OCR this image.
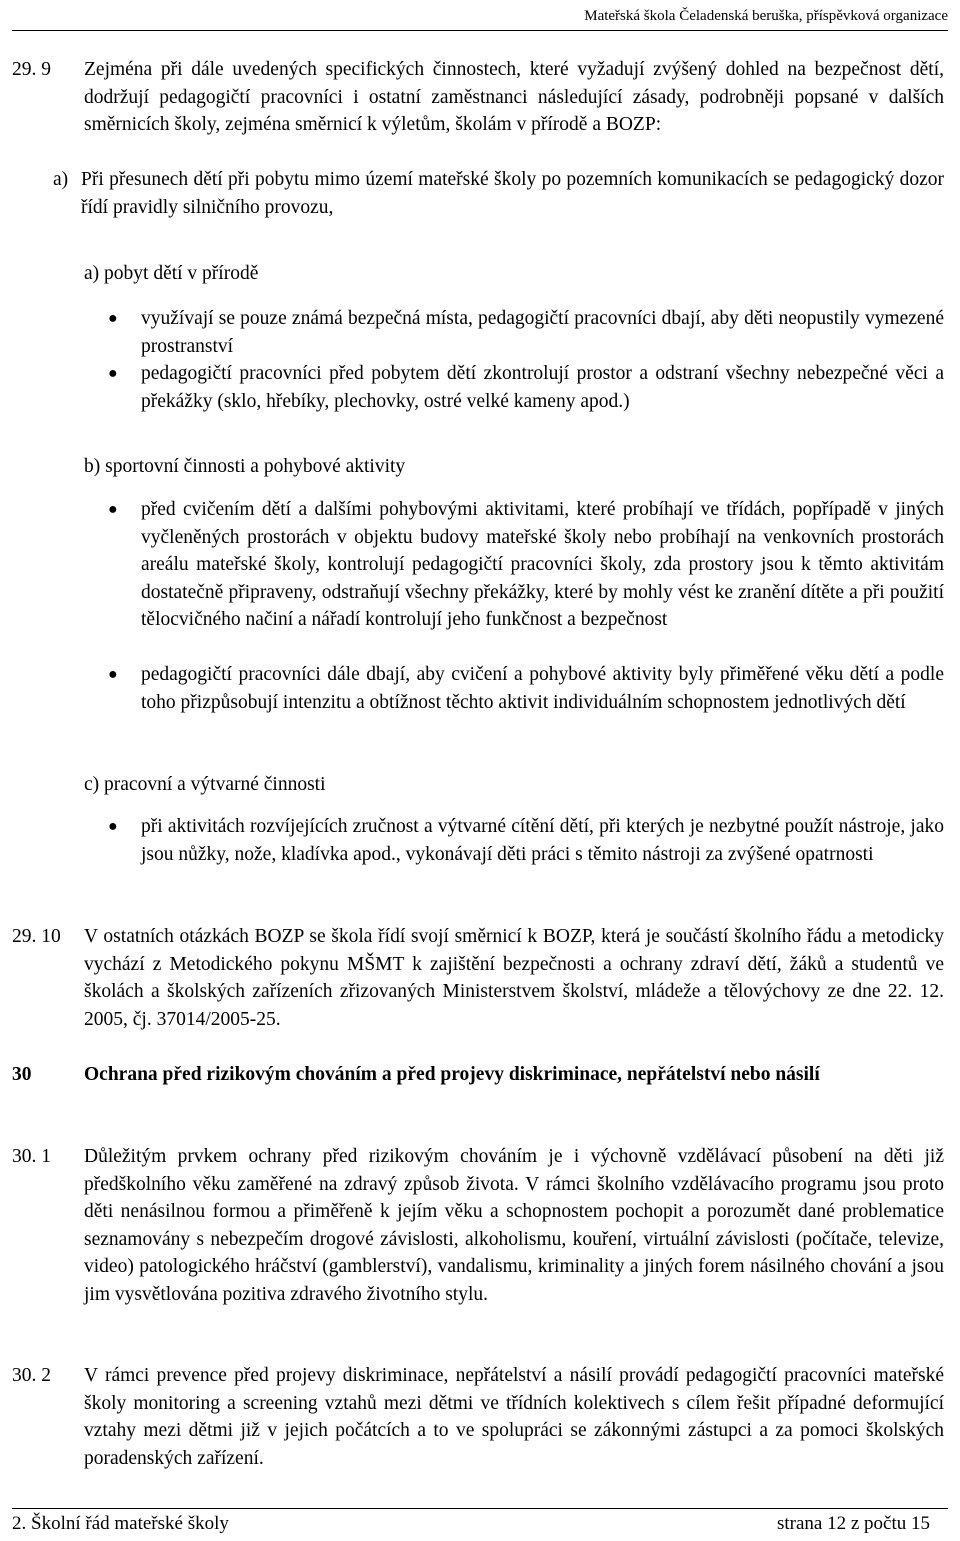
Mateřská škola Čeladenská beruška, příspěvková organizace
29. 9 Zejména při dále uvedených specifických činnostech, které vyžadují zvýšený dohled na bezpečnost dětí, dodržují pedagogičtí pracovníci i ostatní zaměstnanci následující zásady, podrobněji popsané v dalších směrnicích školy, zejména směrnicí k výletům, školám v přírodě a BOZP:
a) Při přesunech dětí při pobytu mimo území mateřské školy po pozemních komunikacích se pedagogický dozor řídí pravidly silničního provozu,
a) pobyt dětí v přírodě
● využívají se pouze známá bezpečná místa, pedagogičtí pracovníci dbají, aby děti neopustily vymezené prostranství
● pedagogičtí pracovníci před pobytem dětí zkontrolují prostor a odstraní všechny nebezpečné věci a překážky (sklo, hřebíky, plechovky, ostré velké kameny apod.)
b) sportovní činnosti a pohybové aktivity
● před cvičením dětí a dalšími pohybovými aktivitami, které probíhají ve třídách, popřípadě v jiných vyčleněných prostorách v objektu budovy mateřské školy nebo probíhají na venkovních prostorách areálu mateřské školy, kontrolují pedagogičtí pracovníci školy, zda prostory jsou k těmto aktivitám dostatečně připraveny, odstraňují všechny překážky, které by mohly vést ke zranění dítěte a při použití tělocvičného načiní a nářadí kontrolují jeho funkčnost a bezpečnost
● pedagogičtí pracovníci dále dbají, aby cvičení a pohybové aktivity byly přiměřené věku dětí a podle toho přizpůsobují intenzitu a obtížnost těchto aktivit individuálním schopnostem jednotlivých dětí
c) pracovní a výtvarné činnosti
● při aktivitách rozvíjejících zručnost a výtvarné cítění dětí, při kterých je nezbytné použít nástroje, jako jsou nůžky, nože, kladívka apod., vykonávají děti práci s těmito nástroji za zvýšené opatrnosti
29. 10 V ostatních otázkách BOZP se škola řídí svojí směrnicí k BOZP, která je součástí školního řádu a metodicky vychází z Metodického pokynu MŠMT k zajištění bezpečnosti a ochrany zdraví dětí, žáků a studentů ve školách a školských zařízeních zřizovaných Ministerstvem školství, mládeže a tělovýchovy ze dne 22. 12. 2005, čj. 37014/2005-25.
30	Ochrana před rizikovým chováním a před projevy diskriminace, nepřátelství nebo násilí
30. 1 Důležitým prvkem ochrany před rizikovým chováním je i výchovně vzdělávací působení na děti již předškolního věku zaměřené na zdravý způsob života. V rámci školního vzdělávacího programu jsou proto děti nenásilnou formou a přiměřeně k jejím věku a schopnostem pochopit a porozumět dané problematice seznamovány s nebezpečím drogové závislosti, alkoholismu, kouření, virtuální závislosti (počítače, televize, video) patologického hráčství (gamblerství), vandalismu, kriminality a jiných forem násilného chování a jsou jim vysvětlována pozitiva zdravého životního stylu.
30. 2 V rámci prevence před projevy diskriminace, nepřátelství a násilí provádí pedagogičtí pracovníci mateřské školy monitoring a screening vztahů mezi dětmi ve třídních kolektivech s cílem řešit případné deformující vztahy mezi dětmi již v jejich počátcích a to ve spolupráci se zákonnými zástupci a za pomoci školských poradenských zařízení.
2. Školní řád mateřské školy	strana 12 z počtu 15
